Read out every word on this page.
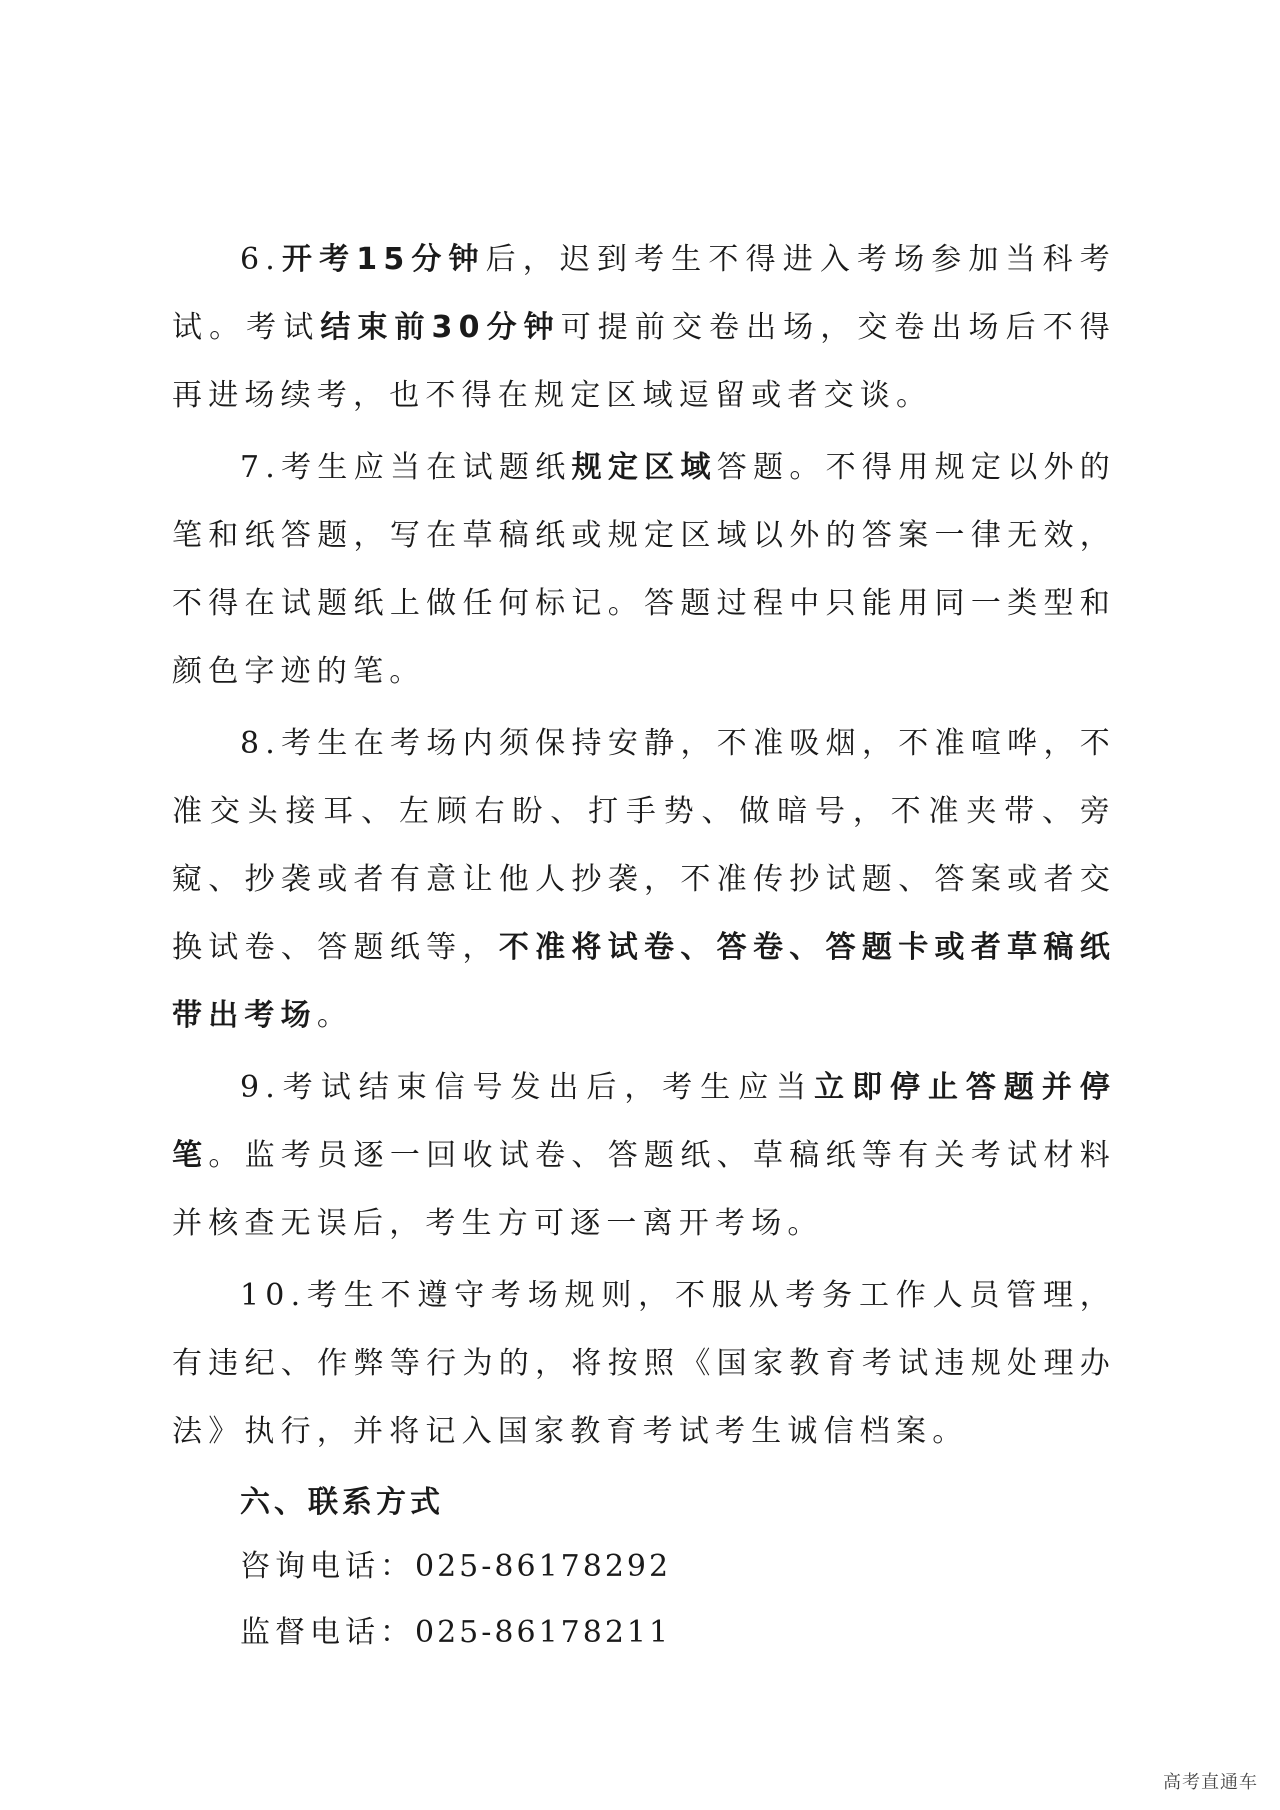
6.开考15分钟后，迟到考生不得进入考场参加当科考试。考试结束前30分钟可提前交卷出场，交卷出场后不得再进场续考，也不得在规定区域逗留或者交谈。

7.考生应当在试题纸规定区域答题。不得用规定以外的笔和纸答题，写在草稿纸或规定区域以外的答案一律无效，不得在试题纸上做任何标记。答题过程中只能用同一类型和颜色字迹的笔。

8.考生在考场内须保持安静，不准吸烟，不准喧哗，不准交头接耳、左顾右盼、打手势、做暗号，不准夹带、旁窥、抄袭或者有意让他人抄袭，不准传抄试题、答案或者交换试卷、答题纸等，不准将试卷、答卷、答题卡或者草稿纸带出考场。

9.考试结束信号发出后，考生应当立即停止答题并停笔。监考员逐一回收试卷、答题纸、草稿纸等有关考试材料并核查无误后，考生方可逐一离开考场。

10.考生不遵守考场规则，不服从考务工作人员管理，有违纪、作弊等行为的，将按照《国家教育考试违规处理办法》执行，并将记入国家教育考试考生诚信档案。

六、联系方式
咨询电话：025-86178292
监督电话：025-86178211
高考直通车
